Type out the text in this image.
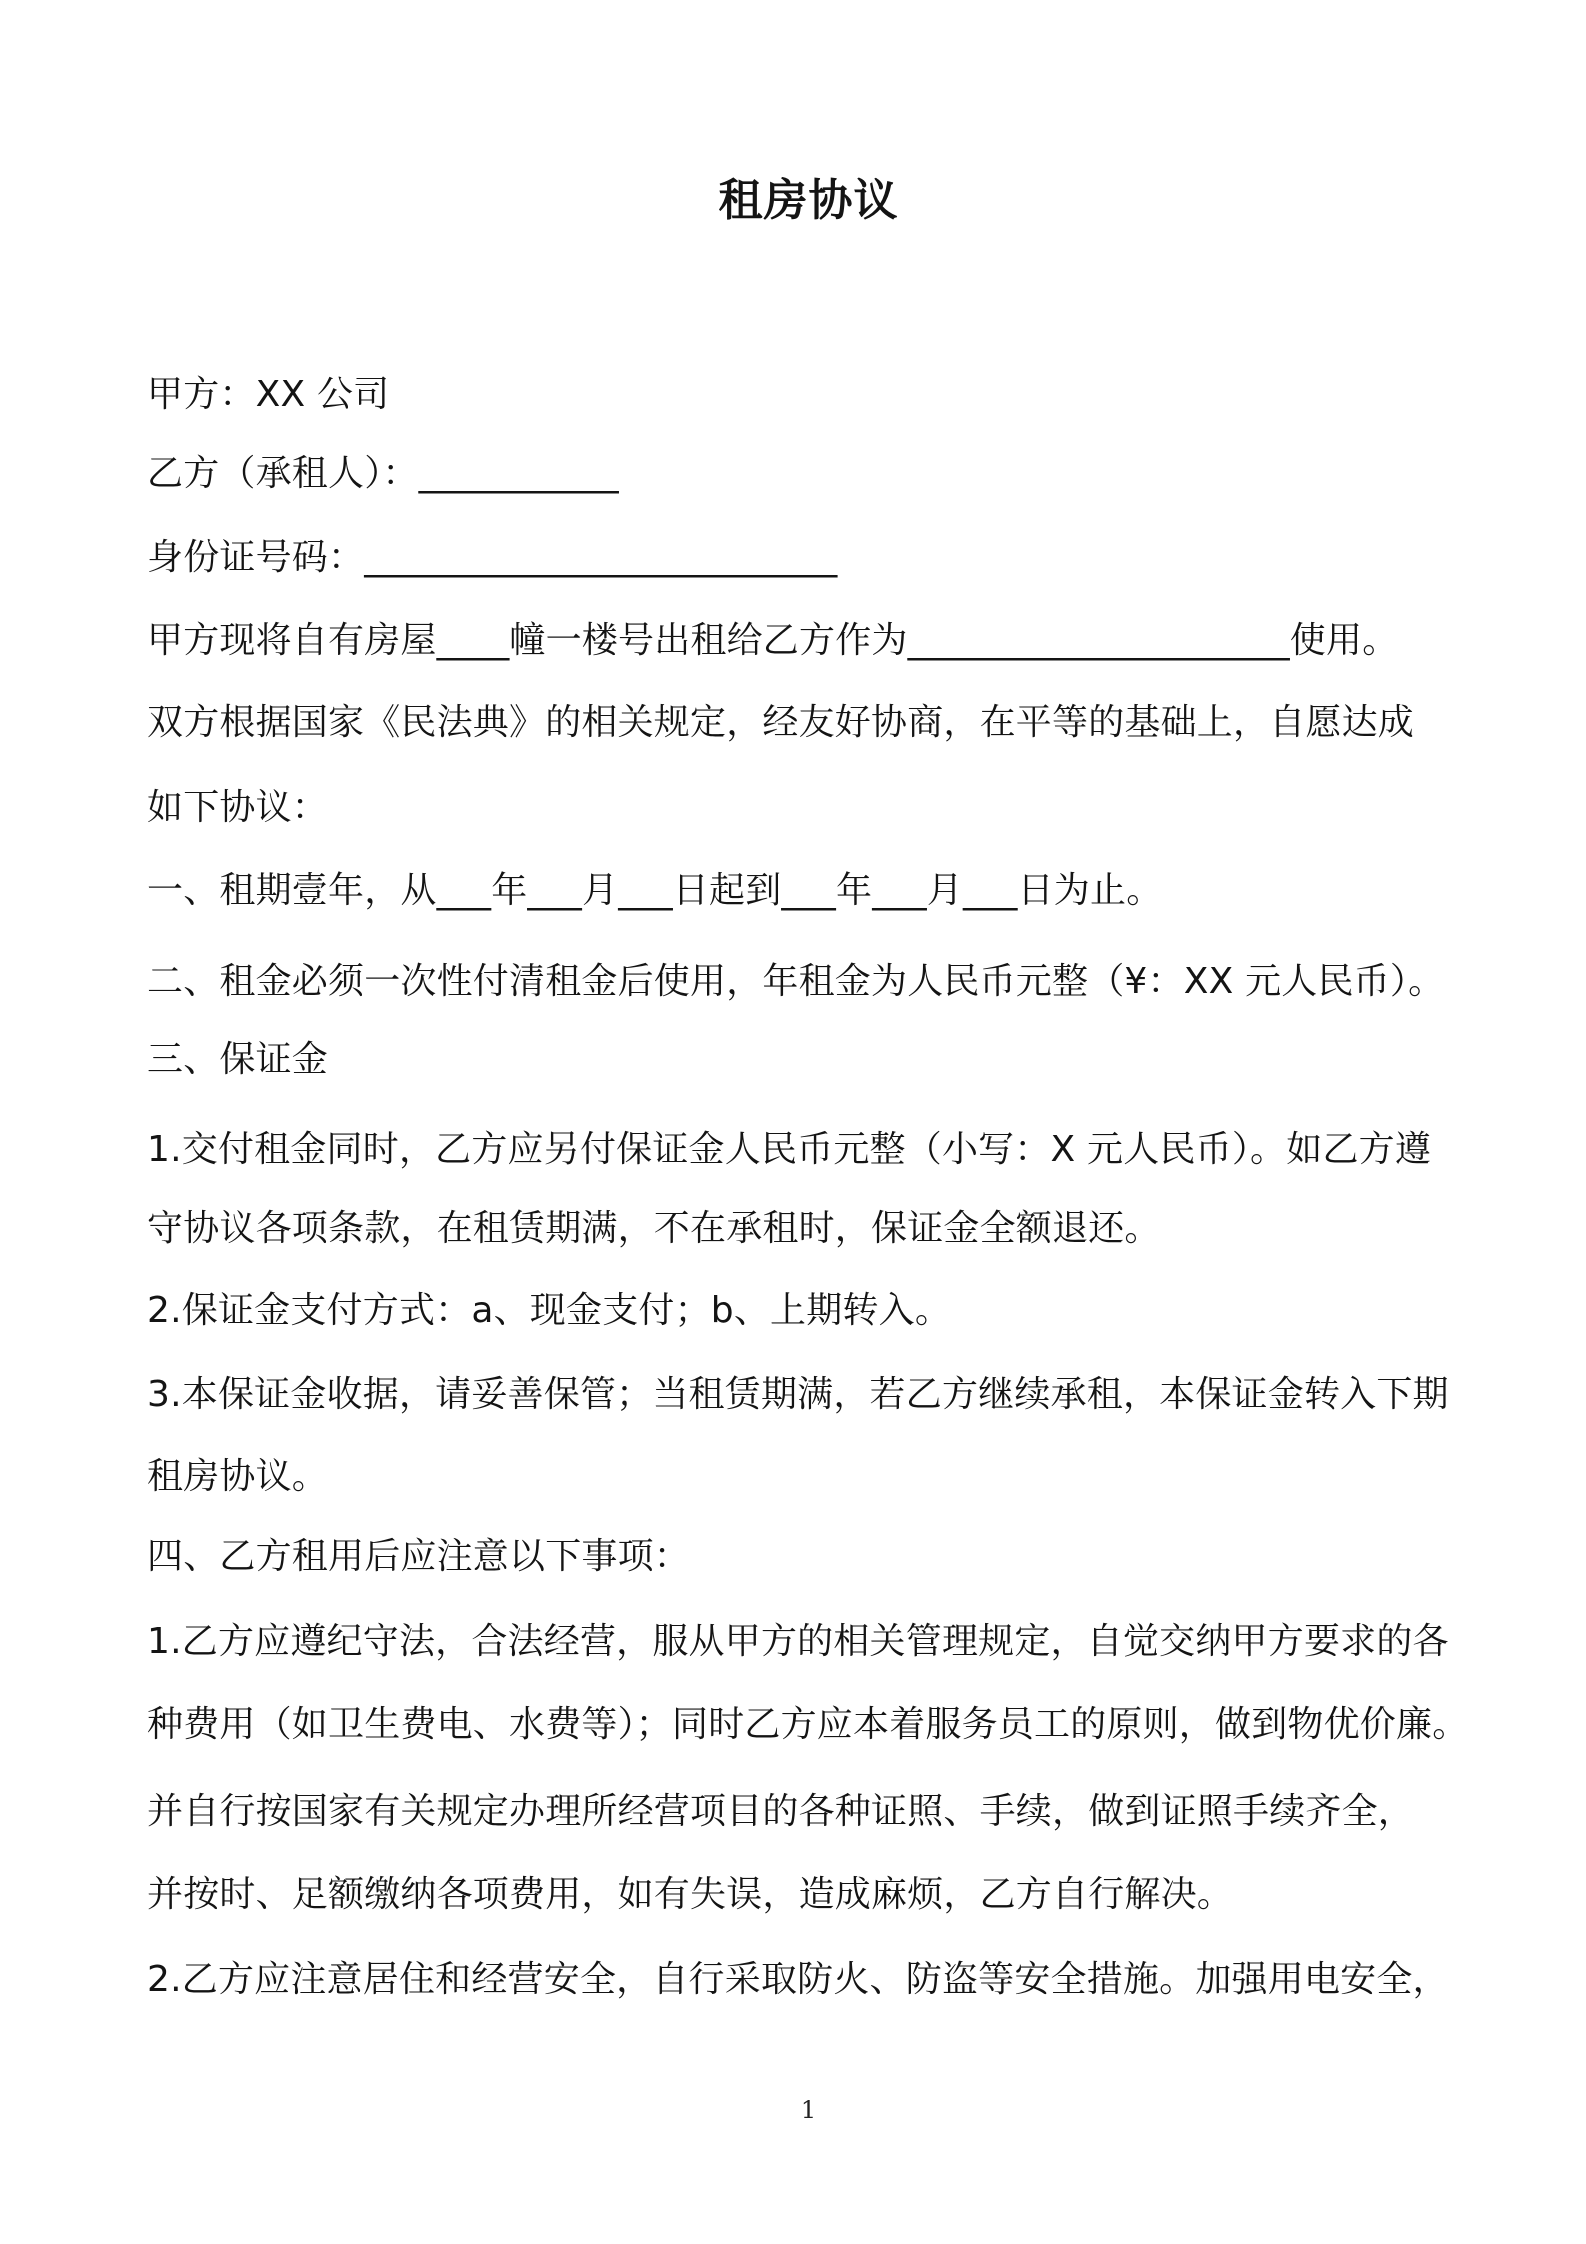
租房协议
甲方：XX 公司
乙方（承租人）：___________
身份证号码：__________________________
甲方现将自有房屋____幢一楼号出租给乙方作为_____________________使用。
双方根据国家《民法典》的相关规定，经友好协商，在平等的基础上，自愿达成
如下协议：
一、租期壹年，从___年___月___日起到___年___月___日为止。
二、租金必须一次性付清租金后使用，年租金为人民币元整（¥：XX 元人民币）。
三、保证金
1.交付租金同时，乙方应另付保证金人民币元整（小写：X 元人民币）。如乙方遵
守协议各项条款，在租赁期满，不在承租时，保证金全额退还。
2.保证金支付方式：a、现金支付；b、上期转入。
3.本保证金收据，请妥善保管；当租赁期满，若乙方继续承租，本保证金转入下期
租房协议。
四、乙方租用后应注意以下事项：
1.乙方应遵纪守法，合法经营，服从甲方的相关管理规定，自觉交纳甲方要求的各
种费用（如卫生费电、水费等）；同时乙方应本着服务员工的原则，做到物优价廉。
并自行按国家有关规定办理所经营项目的各种证照、手续，做到证照手续齐全，
并按时、足额缴纳各项费用，如有失误，造成麻烦，乙方自行解决。
2.乙方应注意居住和经营安全，自行采取防火、防盗等安全措施。加强用电安全，
1
